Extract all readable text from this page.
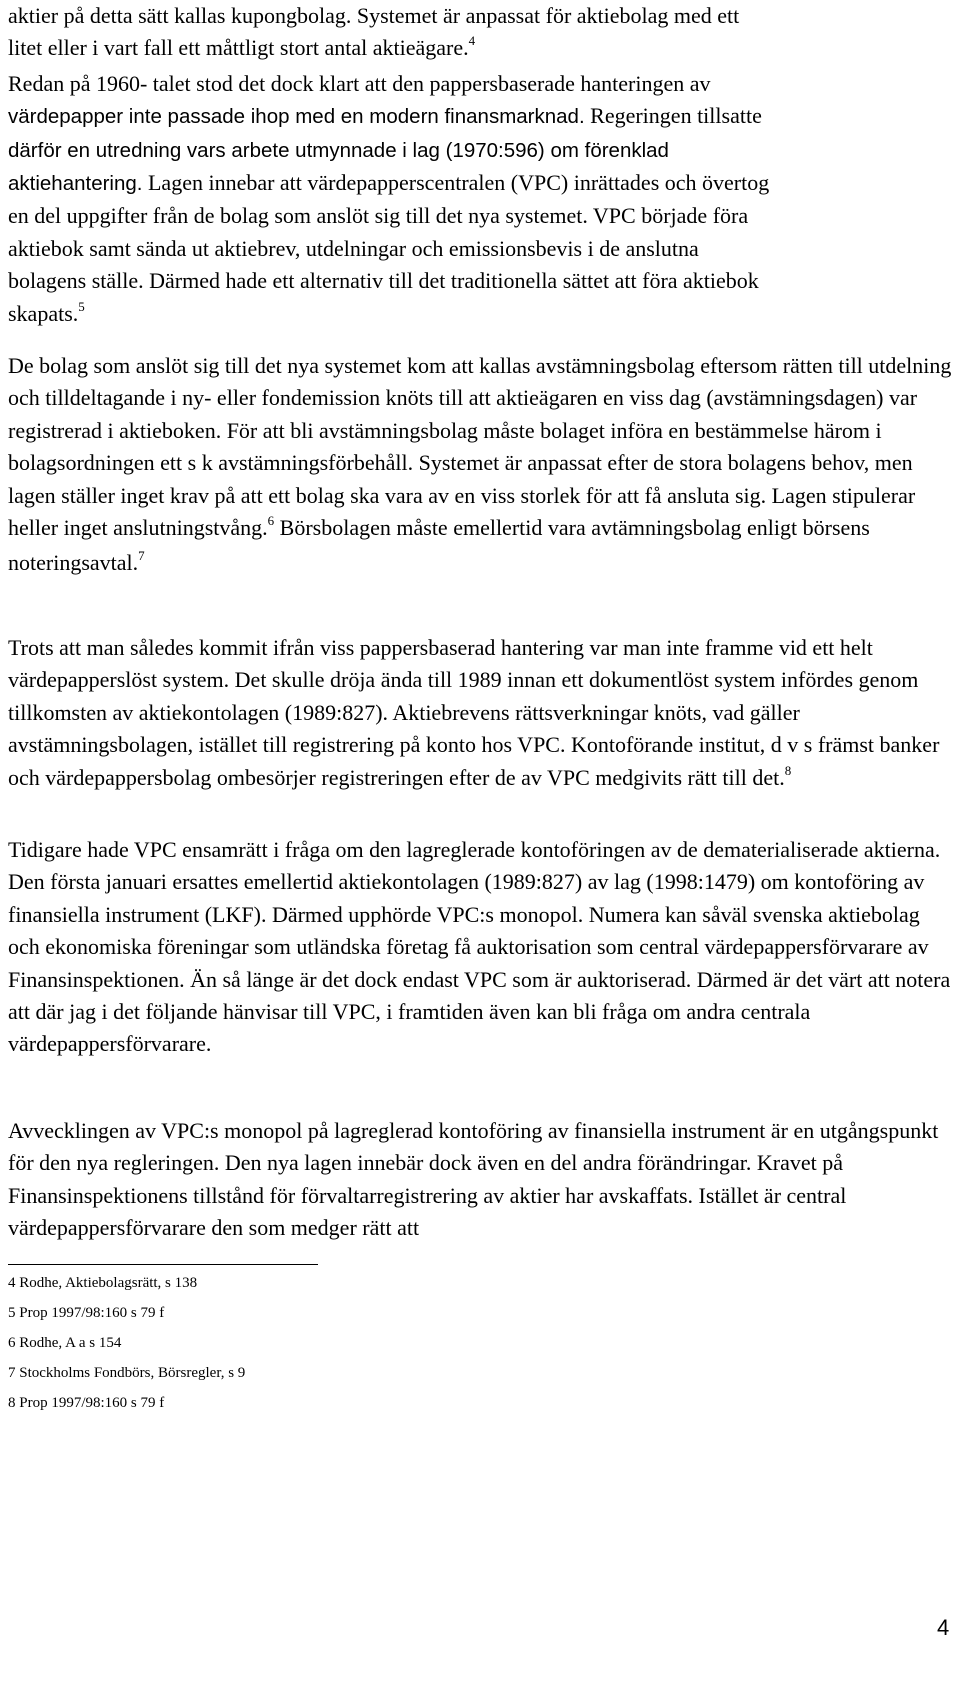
aktier på detta sätt kallas kupongbolag. Systemet är anpassat för aktiebolag med ett
litet eller i vart fall ett måttligt stort antal aktieägare.$^4$
Redan på 1960- talet stod det dock klart att den pappersbaserade hanteringen av
värdepapper inte passade ihop med en modern finansmarknad. Regeringen tillsatte
därför en utredning vars arbete utmynnade i lag (1970:596) om förenklad
aktiehantering. Lagen innebar att värdepapperscentralen (VPC) inrättades och övertog
en del uppgifter från de bolag som anslöt sig till det nya systemet. VPC började föra
aktiebok samt sända ut aktiebrev, utdelningar och emissionsbevis i de anslutna
bolagens ställe. Därmed hade ett alternativ till det traditionella sättet att föra aktiebok
skapats.$^5$

De bolag som anslöt sig till det nya systemet kom att kallas avstämningsbolag eftersom rätten till utdelning och tilldeltagande i ny- eller fondemission knöts till att aktieägaren en viss dag (avstämningsdagen) var registrerad i aktieboken. För att bli avstämningsbolag måste bolaget införa en bestämmelse härom i bolagsordningen ett s k avstämningsförbehåll. Systemet är anpassat efter de stora bolagens behov, men lagen ställer inget krav på att ett bolag ska vara av en viss storlek för att få ansluta sig. Lagen stipulerar heller inget anslutningstvång.$^6$ Börsbolagen måste emellertid vara avtämningsbolag enligt börsens noteringsavtal.$^7$

Trots att man således kommit ifrån viss pappersbaserad hantering var man inte framme vid ett helt värdepapperslöst system. Det skulle dröja ända till 1989 innan ett dokumentlöst system infördes genom tillkomsten av aktiekontolagen (1989:827). Aktiebrevens rättsverkningar knöts, vad gäller avstämningsbolagen, istället till registrering på konto hos VPC. Kontoförande institut, d v s främst banker och värdepappersbolag ombesörjer registreringen efter de av VPC medgivits rätt till det.$^8$

Tidigare hade VPC ensamrätt i fråga om den lagreglerade kontoföringen av de dematerialiserade aktierna. Den första januari ersattes emellertid aktiekontolagen (1989:827) av lag (1998:1479) om kontoföring av finansiella instrument (LKF). Därmed upphörde VPC:s monopol. Numera kan såväl svenska aktiebolag och ekonomiska föreningar som utländska företag få auktorisation som central värdepappersförvarare av Finansinspektionen. Än så länge är det dock endast VPC som är auktoriserad. Därmed är det värt att notera att där jag i det följande hänvisar till VPC, i framtiden även kan bli fråga om andra centrala värdepappersförvarare.

Avvecklingen av VPC:s monopol på lagreglerad kontoföring av finansiella instrument är en utgångspunkt för den nya regleringen. Den nya lagen innebär dock även en del andra förändringar. Kravet på Finansinspektionens tillstånd för förvaltarregistrering av aktier har avskaffats. Istället är central värdepappersförvarare den som medger rätt att

4 Rodhe, Aktiebolagsrätt, s 138

5 Prop 1997/98:160 s 79 f

6 Rodhe, A a s 154

7 Stockholms Fondbörs, Börsregler, s 9

8 Prop 1997/98:160 s 79 f

4
